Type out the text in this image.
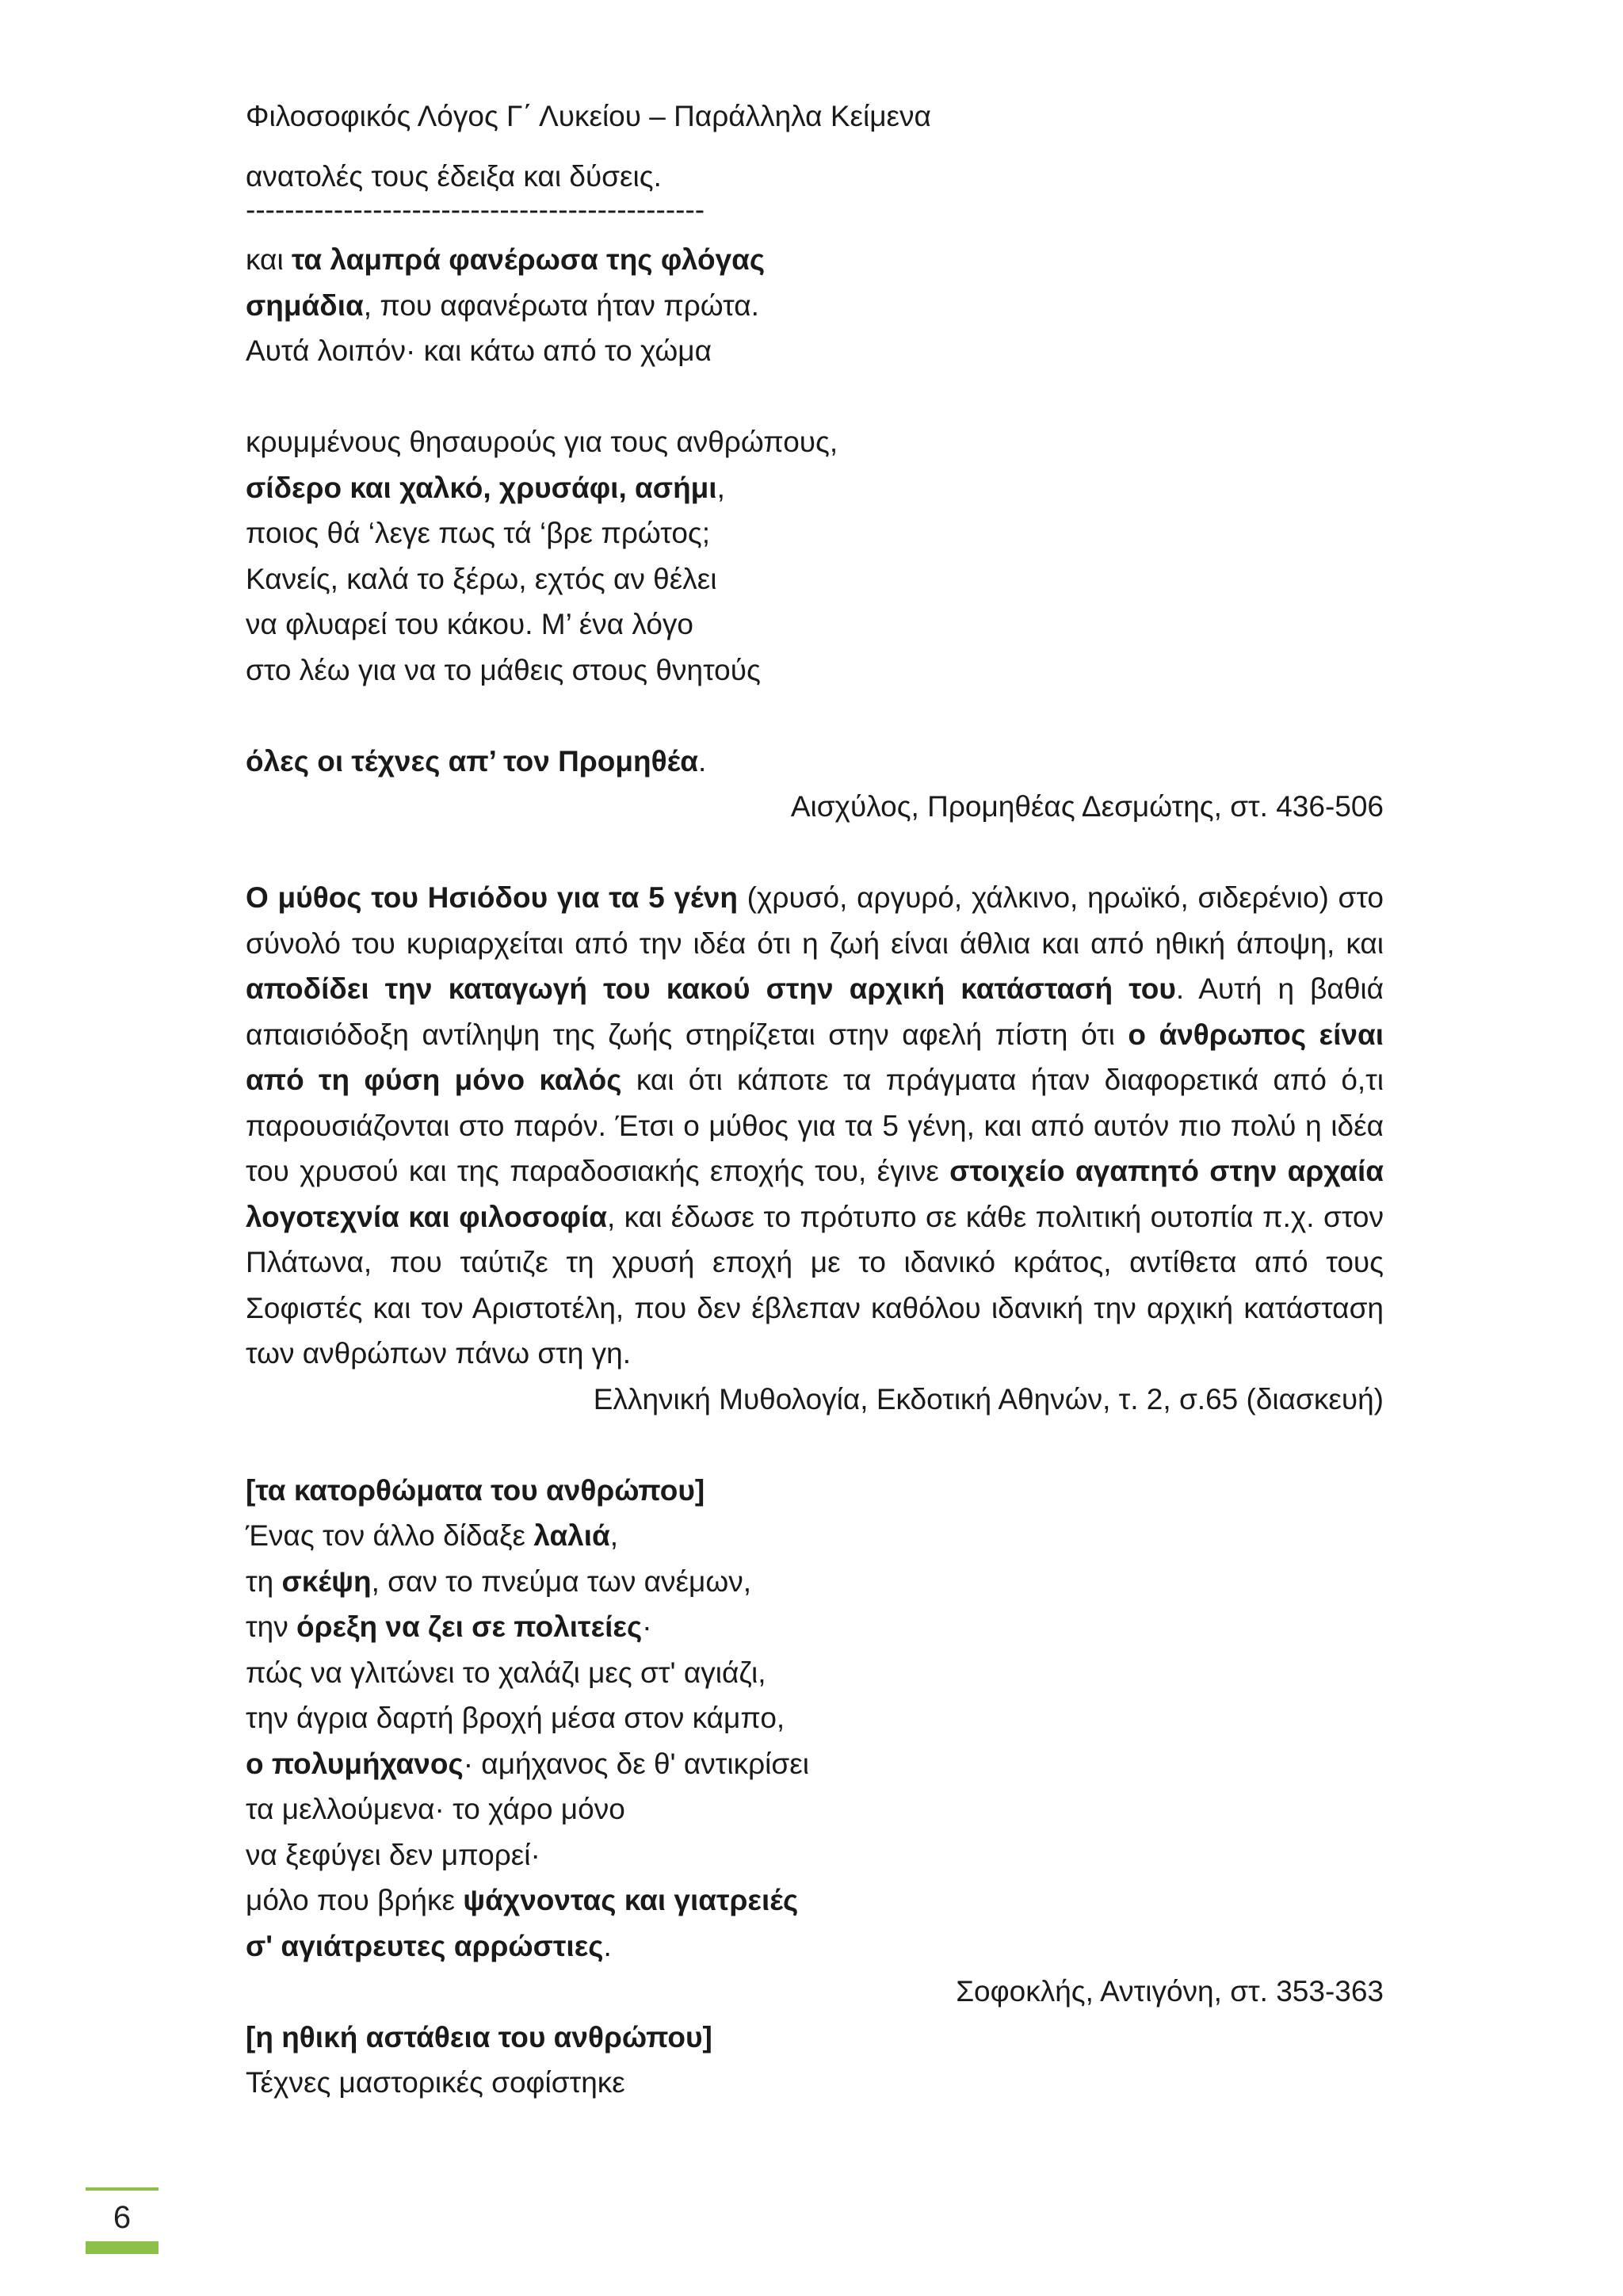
Φιλοσοφικός Λόγος Γ΄ Λυκείου – Παράλληλα Κείμενα
ανατολές τους έδειξα και δύσεις.
-----------------------------------------------
και τα λαμπρά φανέρωσα της φλόγας
σημάδια, που αφανέρωτα ήταν πρώτα.
Αυτά λοιπόν· και κάτω από το χώμα
κρυμμένους θησαυρούς για τους ανθρώπους,
σίδερο και χαλκό, χρυσάφι, ασήμι,
ποιος θά ‘λεγε πως τά ‘βρε πρώτος;
Κανείς, καλά το ξέρω, εχτός αν θέλει
να φλυαρεί του κάκου. Μ’ ένα λόγο
στο λέω για να το μάθεις στους θνητούς
όλες οι τέχνες απ’ τον Προμηθέα.
Αισχύλος, Προμηθέας Δεσμώτης, στ. 436-506

Ο μύθος του Ησιόδου για τα 5 γένη (χρυσό, αργυρό, χάλκινο, ηρωϊκό, σιδερένιο) στο σύνολό του κυριαρχείται από την ιδέα ότι η ζωή είναι άθλια και από ηθική άποψη, και αποδίδει την καταγωγή του κακού στην αρχική κατάστασή του. Αυτή η βαθιά απαισιόδοξη αντίληψη της ζωής στηρίζεται στην αφελή πίστη ότι ο άνθρωπος είναι από τη φύση μόνο καλός και ότι κάποτε τα πράγματα ήταν διαφορετικά από ό,τι παρουσιάζονται στο παρόν. Έτσι ο μύθος για τα 5 γένη, και από αυτόν πιο πολύ η ιδέα του χρυσού και της παραδοσιακής εποχής του, έγινε στοιχείο αγαπητό στην αρχαία λογοτεχνία και φιλοσοφία, και έδωσε το πρότυπο σε κάθε πολιτική ουτοπία π.χ. στον Πλάτωνα, που ταύτιζε τη χρυσή εποχή με το ιδανικό κράτος, αντίθετα από τους Σοφιστές και τον Αριστοτέλη, που δεν έβλεπαν καθόλου ιδανική την αρχική κατάσταση των ανθρώπων πάνω στη γη.

Ελληνική Μυθολογία, Εκδοτική Αθηνών, τ. 2, σ.65 (διασκευή)
[τα κατορθώματα του ανθρώπου]
Ένας τον άλλο δίδαξε λαλιά,
τη σκέψη, σαν το πνεύμα των ανέμων,
την όρεξη να ζει σε πολιτείες·
πώς να γλιτώνει το χαλάζι μες στ' αγιάζι,
την άγρια δαρτή βροχή μέσα στον κάμπο,
ο πολυμήχανος· αμήχανος δε θ' αντικρίσει
τα μελλούμενα· το χάρο μόνο
να ξεφύγει δεν μπορεί·
μόλο που βρήκε ψάχνοντας και γιατρειές
σ' αγιάτρευτες αρρώστιες.
Σοφοκλής, Αντιγόνη, στ. 353-363
[η ηθική αστάθεια του ανθρώπου]
Τέχνες μαστορικές σοφίστηκε
6
